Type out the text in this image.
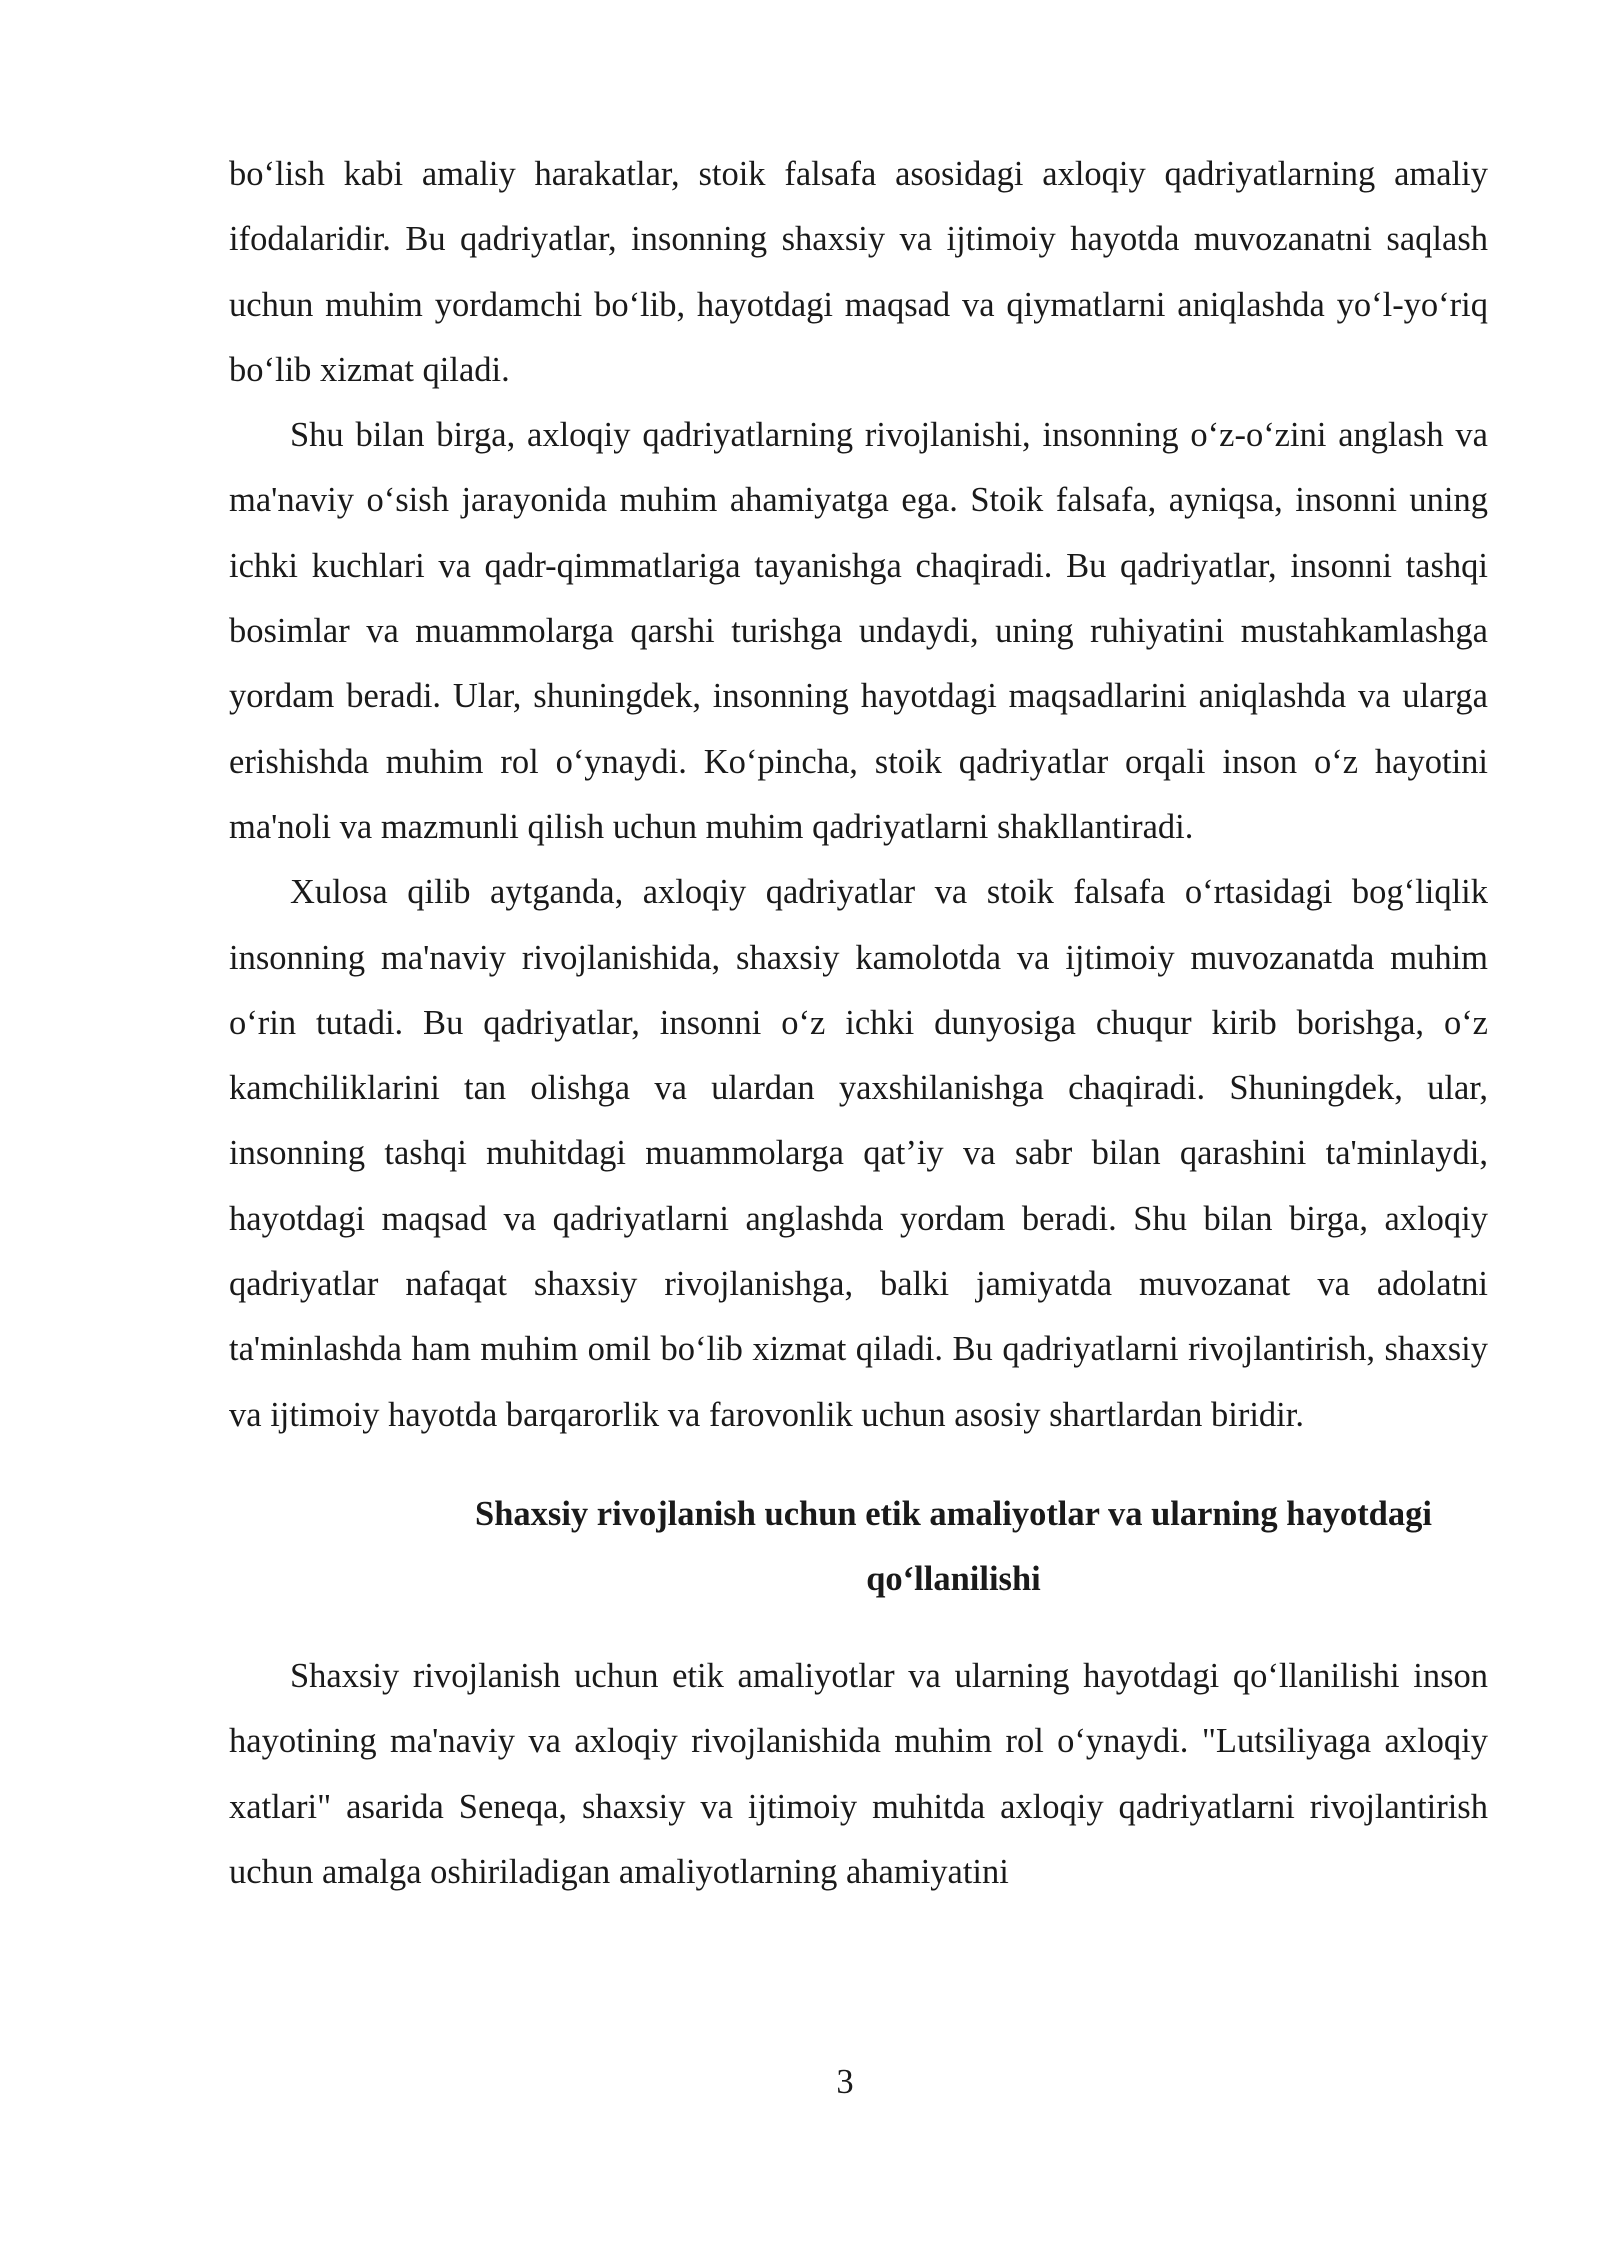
bo‘lish kabi amaliy harakatlar, stoik falsafa asosidagi axloqiy qadriyatlarning amaliy ifodalaridir. Bu qadriyatlar, insonning shaxsiy va ijtimoiy hayotda muvozanatni saqlash uchun muhim yordamchi bo‘lib, hayotdagi maqsad va qiymatlarni aniqlashda yo‘l-yo‘riq bo‘lib xizmat qiladi.

Shu bilan birga, axloqiy qadriyatlarning rivojlanishi, insonning o‘z-o‘zini anglash va ma'naviy o‘sish jarayonida muhim ahamiyatga ega. Stoik falsafa, ayniqsa, insonni uning ichki kuchlari va qadr-qimmatlariga tayanishga chaqiradi. Bu qadriyatlar, insonni tashqi bosimlar va muammolarga qarshi turishga undaydi, uning ruhiyatini mustahkamlashga yordam beradi. Ular, shuningdek, insonning hayotdagi maqsadlarini aniqlashda va ularga erishishda muhim rol o‘ynaydi. Ko‘pincha, stoik qadriyatlar orqali inson o‘z hayotini ma'noli va mazmunli qilish uchun muhim qadriyatlarni shakllantiradi.

Xulosa qilib aytganda, axloqiy qadriyatlar va stoik falsafa o‘rtasidagi bog‘liqlik insonning ma'naviy rivojlanishida, shaxsiy kamolotda va ijtimoiy muvozanatda muhim o‘rin tutadi. Bu qadriyatlar, insonni o‘z ichki dunyosiga chuqur kirib borishga, o‘z kamchiliklarini tan olishga va ulardan yaxshilanishga chaqiradi. Shuningdek, ular, insonning tashqi muhitdagi muammolarga qat’iy va sabr bilan qarashini ta'minlaydi, hayotdagi maqsad va qadriyatlarni anglashda yordam beradi. Shu bilan birga, axloqiy qadriyatlar nafaqat shaxsiy rivojlanishga, balki jamiyatda muvozanat va adolatni ta'minlashda ham muhim omil bo‘lib xizmat qiladi. Bu qadriyatlarni rivojlantirish, shaxsiy va ijtimoiy hayotda barqarorlik va farovonlik uchun asosiy shartlardan biridir.

Shaxsiy rivojlanish uchun etik amaliyotlar va ularning hayotdagi
qo‘llanilishi

Shaxsiy rivojlanish uchun etik amaliyotlar va ularning hayotdagi qo‘llanilishi inson hayotining ma'naviy va axloqiy rivojlanishida muhim rol o‘ynaydi. "Lutsiliyaga axloqiy xatlari" asarida Seneqa, shaxsiy va ijtimoiy muhitda axloqiy qadriyatlarni rivojlantirish uchun amalga oshiriladigan amaliyotlarning ahamiyatini

3
